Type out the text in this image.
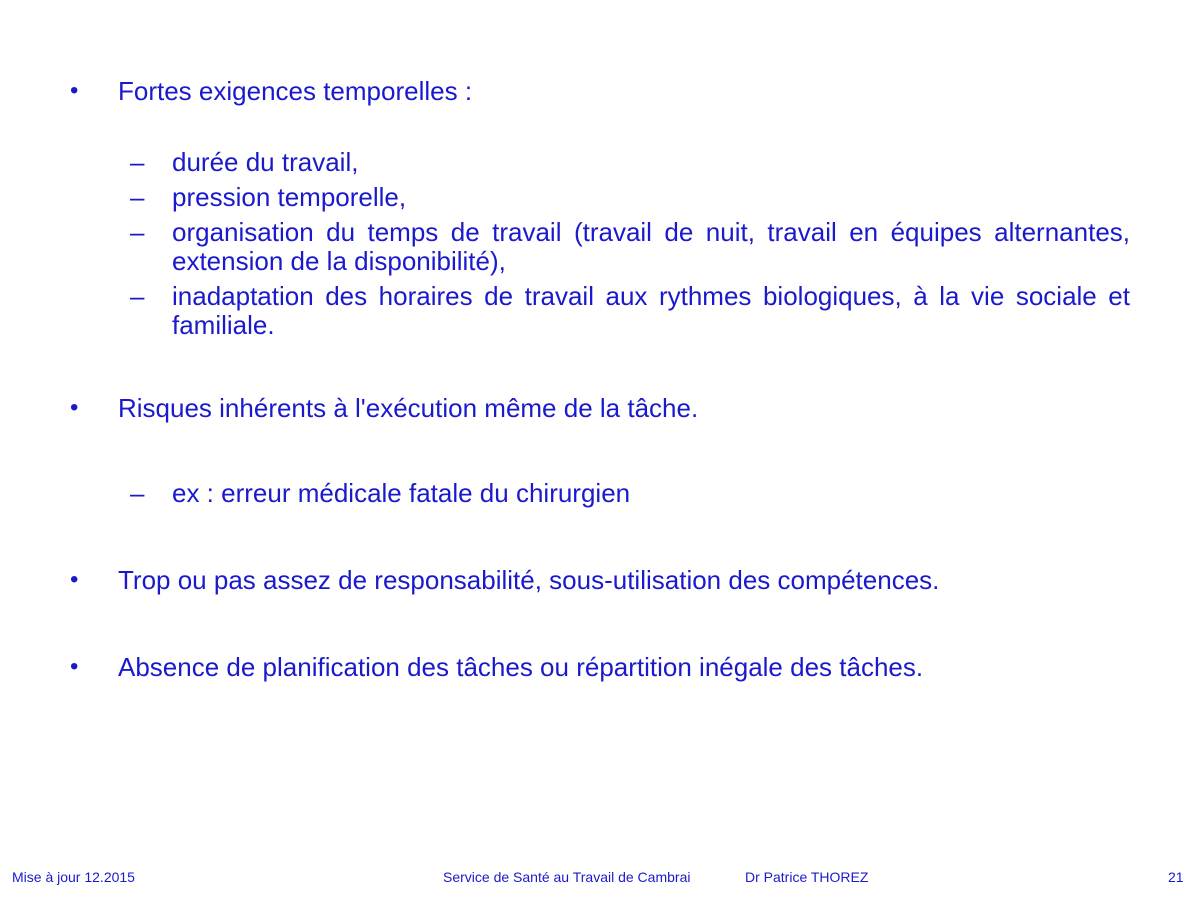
•	Fortes exigences temporelles :
– durée du travail,
– pression temporelle,
– organisation du temps de travail (travail de nuit, travail en équipes alternantes, extension de la disponibilité),
– inadaptation des horaires de travail aux rythmes biologiques, à la vie sociale et familiale.
•	Risques inhérents à l'exécution même de la tâche.
– ex : erreur médicale fatale du chirurgien
•	Trop ou pas assez de responsabilité, sous-utilisation des compétences.
•	Absence de planification des tâches ou répartition inégale des tâches.
Mise à jour 12.2015	Service de Santé au Travail de Cambrai	Dr Patrice THOREZ	21
